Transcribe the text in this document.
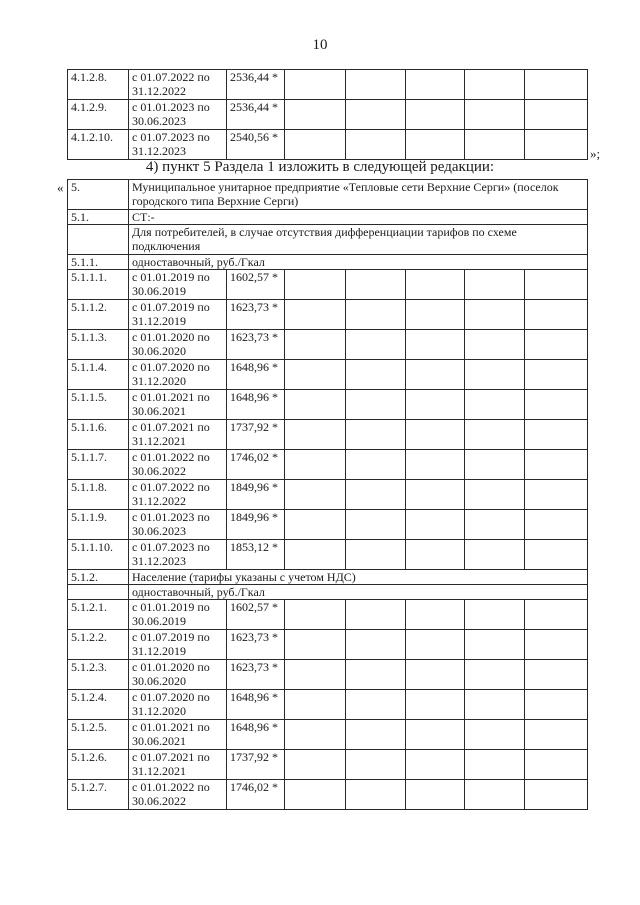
10
4.1.2.8.	с 01.07.2022 по 31.12.2022	2536,44 *					
4.1.2.9.	с 01.01.2023 по 30.06.2023	2536,44 *					
4.1.2.10.	с 01.07.2023 по 31.12.2023	2540,56 *					
»;
4) пункт 5 Раздела 1 изложить в следующей редакции:
« 5.	Муниципальное унитарное предприятие «Тепловые сети Верхние Серги» (поселок городского типа Верхние Серги)						
5.1.	СТ:-						
	Для потребителей, в случае отсутствия дифференциации тарифов по схеме подключения						
5.1.1.	одноставочный, руб./Гкал						
5.1.1.1.	с 01.01.2019 по 30.06.2019	1602,57 *					
5.1.1.2.	с 01.07.2019 по 31.12.2019	1623,73 *					
5.1.1.3.	с 01.01.2020 по 30.06.2020	1623,73 *					
5.1.1.4.	с 01.07.2020 по 31.12.2020	1648,96 *					
5.1.1.5.	с 01.01.2021 по 30.06.2021	1648,96 *					
5.1.1.6.	с 01.07.2021 по 31.12.2021	1737,92 *					
5.1.1.7.	с 01.01.2022 по 30.06.2022	1746,02 *					
5.1.1.8.	с 01.07.2022 по 31.12.2022	1849,96 *					
5.1.1.9.	с 01.01.2023 по 30.06.2023	1849,96 *					
5.1.1.10.	с 01.07.2023 по 31.12.2023	1853,12 *					
5.1.2.	Население (тарифы указаны с учетом НДС)						
	одноставочный, руб./Гкал						
5.1.2.1.	с 01.01.2019 по 30.06.2019	1602,57 *					
5.1.2.2.	с 01.07.2019 по 31.12.2019	1623,73 *					
5.1.2.3.	с 01.01.2020 по 30.06.2020	1623,73 *					
5.1.2.4.	с 01.07.2020 по 31.12.2020	1648,96 *					
5.1.2.5.	с 01.01.2021 по 30.06.2021	1648,96 *					
5.1.2.6.	с 01.07.2021 по 31.12.2021	1737,92 *					
5.1.2.7.	с 01.01.2022 по 30.06.2022	1746,02 *					
